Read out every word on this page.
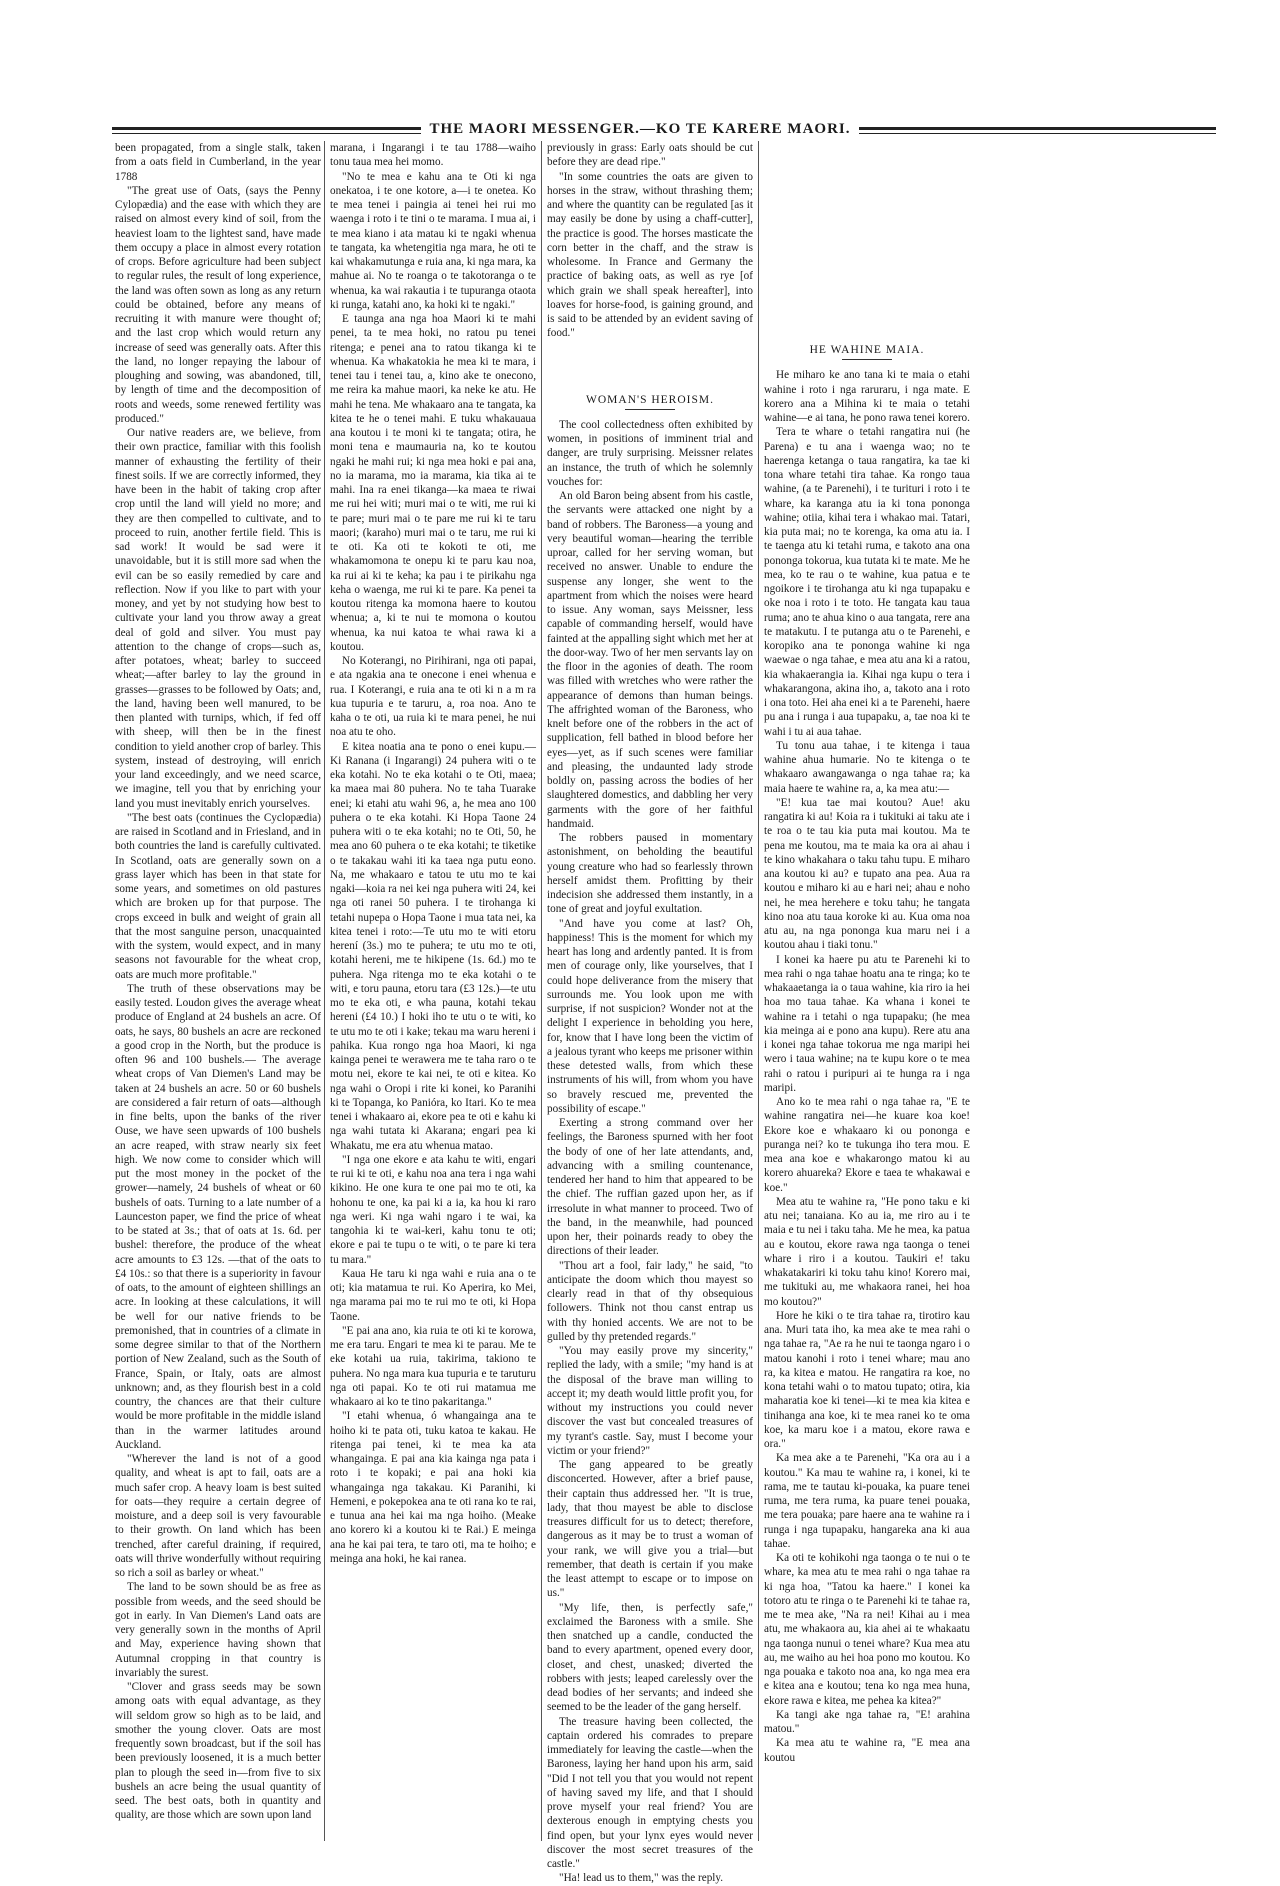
THE MAORI MESSENGER.—KO TE KARERE MAORI.

been propagated, from a single stalk, taken from a oats field in Cumberland, in the year 1788

"The great use of Oats, (says the Penny Cylopædia) and the ease with which they are raised on almost every kind of soil, from the heaviest loam to the lightest sand, have made them occupy a place in almost every rotation of crops. Before agriculture had been subject to regular rules, the result of long experience, the land was often sown as long as any return could be obtained, before any means of recruiting it with manure were thought of; and the last crop which would return any increase of seed was generally oats. After this the land, no longer repaying the labour of ploughing and sowing, was abandoned, till, by length of time and the decomposition of roots and weeds, some renewed fertility was produced."

Our native readers are, we believe, from their own practice, familiar with this foolish manner of exhausting the fertility of their finest soils. If we are correctly informed, they have been in the habit of taking crop after crop until the land will yield no more; and they are then compelled to cultivate, and to proceed to ruin, another fertile field. This is sad work! It would be sad were it unavoidable, but it is still more sad when the evil can be so easily remedied by care and reflection. Now if you like to part with your money, and yet by not studying how best to cultivate your land you throw away a great deal of gold and silver. You must pay attention to the change of crops—such as, after potatoes, wheat; barley to succeed wheat;—after barley to lay the ground in grasses—grasses to be followed by Oats; and, the land, having been well manured, to be then planted with turnips, which, if fed off with sheep, will then be in the finest condition to yield another crop of barley. This system, instead of destroying, will enrich your land exceedingly, and we need scarce, we imagine, tell you that by enriching your land you must inevitably enrich yourselves.

"The best oats (continues the Cyclopædia) are raised in Scotland and in Friesland, and in both countries the land is carefully cultivated. In Scotland, oats are generally sown on a grass layer which has been in that state for some years, and sometimes on old pastures which are broken up for that purpose. The crops exceed in bulk and weight of grain all that the most sanguine person, unacquainted with the system, would expect, and in many seasons not favourable for the wheat crop, oats are much more profitable."

The truth of these observations may be easily tested. Loudon gives the average wheat produce of England at 24 bushels an acre. Of oats, he says, 80 bushels an acre are reckoned a good crop in the North, but the produce is often 96 and 100 bushels.— The average wheat crops of Van Diemen's Land may be taken at 24 bushels an acre. 50 or 60 bushels are considered a fair return of oats—although in fine belts, upon the banks of the river Ouse, we have seen upwards of 100 bushels an acre reaped, with straw nearly six feet high. We now come to consider which will put the most money in the pocket of the grower—namely, 24 bushels of wheat or 60 bushels of oats. Turning to a late number of a Launceston paper, we find the price of wheat to be stated at 3s.; that of oats at 1s. 6d. per bushel: therefore, the produce of the wheat acre amounts to £3 12s. —that of the oats to £4 10s.: so that there is a superiority in favour of oats, to the amount of eighteen shillings an acre. In looking at these calculations, it will be well for our native friends to be premonished, that in countries of a climate in some degree similar to that of the Northern portion of New Zealand, such as the South of France, Spain, or Italy, oats are almost unknown; and, as they flourish best in a cold country, the chances are that their culture would be more profitable in the middle island than in the warmer latitudes around Auckland.

"Wherever the land is not of a good quality, and wheat is apt to fail, oats are a much safer crop. A heavy loam is best suited for oats—they require a certain degree of moisture, and a deep soil is very favourable to their growth. On land which has been trenched, after careful draining, if required, oats will thrive wonderfully without requiring so rich a soil as barley or wheat."

The land to be sown should be as free as possible from weeds, and the seed should be got in early. In Van Diemen's Land oats are very generally sown in the months of April and May, experience having shown that Autumnal cropping in that country is invariably the surest.

"Clover and grass seeds may be sown among oats with equal advantage, as they will seldom grow so high as to be laid, and smother the young clover. Oats are most frequently sown broadcast, but if the soil has been previously loosened, it is a much better plan to plough the seed in—from five to six bushels an acre being the usual quantity of seed. The best oats, both in quantity and quality, are those which are sown upon land

marana, i Ingarangi i te tau 1788—waiho tonu taua mea hei momo.

"No te mea e kahu ana te Oti ki nga onekatoa, i te one kotore, a—i te onetea. Ko te mea tenei i paingia ai tenei hei rui mo waenga i roto i te tini o te marama. I mua ai, i te mea kiano i ata matau ki te ngaki whenua te tangata, ka whetengitia nga mara, he oti te kai whakamutunga e ruia ana, ki nga mara, ka mahue ai. No te roanga o te takotoranga o te whenua, ka wai rakautia i te tupuranga otaota ki runga, katahi ano, ka hoki ki te ngaki."

E taunga ana nga hoa Maori ki te mahi penei, ta te mea hoki, no ratou pu tenei ritenga; e penei ana to ratou tikanga ki te whenua. Ka whakatokia he mea ki te mara, i tenei tau i tenei tau, a, kino ake te onecono, me reira ka mahue maori, ka neke ke atu. He mahi he tena. Me whakaaro ana te tangata, ka kitea te he o tenei mahi. E tuku whakauaua ana koutou i te moni ki te tangata; otira, he moni tena e maumauria na, ko te koutou ngaki he mahi rui; ki nga mea hoki e pai ana, no ia marama, mo ia marama, kia tika ai te mahi. Ina ra enei tikanga—ka maea te riwai me rui hei witi; muri mai o te witi, me rui ki te pare; muri mai o te pare me rui ki te taru maori; (karaho) muri mai o te taru, me rui ki te oti. Ka oti te kokoti te oti, me whakamomona te onepu ki te paru kau noa, ka rui ai ki te keha; ka pau i te pirikahu nga keha o waenga, me rui ki te pare. Ka penei ta koutou ritenga ka momona haere to koutou whenua; a, ki te nui te momona o koutou whenua, ka nui katoa te whai rawa ki a koutou.

No Koterangi, no Pirihirani, nga oti papai, e ata ngakia ana te onecone i enei whenua e rua. I Koterangi, e ruia ana te oti ki n a m ra kua tupuria e te taruru, a, roa noa. Ano te kaha o te oti, ua ruia ki te mara penei, he nui noa atu te oho.

E kitea noatia ana te pono o enei kupu.— Ki Ranana (i Ingarangi) 24 puhera witi o te eka kotahi. No te eka kotahi o te Oti, maea; ka maea mai 80 puhera. No te taha Tuarake enei; ki etahi atu wahi 96, a, he mea ano 100 puhera o te eka kotahi. Ki Hopa Taone 24 puhera witi o te eka kotahi; no te Oti, 50, he mea ano 60 puhera o te eka kotahi; te tiketike o te takakau wahi iti ka taea nga putu eono. Na, me whakaaro e tatou te utu mo te kai ngaki—koia ra nei kei nga puhera witi 24, kei nga oti ranei 50 puhera. I te tirohanga ki tetahi nupepa o Hopa Taone i mua tata nei, ka kitea tenei i roto:—Te utu mo te witi etoru herení (3s.) mo te puhera; te utu mo te oti, kotahi hereni, me te hikipene (1s. 6d.) mo te puhera. Nga ritenga mo te eka kotahi o te witi, e toru pauna, etoru tara (£3 12s.)—te utu mo te eka oti, e wha pauna, kotahi tekau hereni (£4 10.) I hoki iho te utu o te witi, ko te utu mo te oti i kake; tekau ma waru hereni i pahika. Kua rongo nga hoa Maori, ki nga kainga penei te werawera me te taha raro o te motu nei, ekore te kai nei, te oti e kitea. Ko nga wahi o Oropi i rite ki konei, ko Paranihi ki te Topanga, ko Panióra, ko Itari. Ko te mea tenei i whakaaro ai, ekore pea te oti e kahu ki nga wahi tutata ki Akarana; engari pea ki Whakatu, me era atu whenua matao.

"I nga one ekore e ata kahu te witi, engari te rui ki te oti, e kahu noa ana tera i nga wahi kikino. He one kura te one pai mo te oti, ka hohonu te one, ka pai ki a ia, ka hou ki raro nga weri. Ki nga wahi ngaro i te wai, ka tangohia ki te wai-keri, kahu tonu te oti; ekore e pai te tupu o te witi, o te pare ki tera tu mara."

Kaua He taru ki nga wahi e ruia ana o te oti; kia matamua te rui. Ko Aperira, ko Mei, nga marama pai mo te rui mo te oti, ki Hopa Taone.

"E pai ana ano, kia ruia te oti ki te korowa, me era taru. Engari te mea ki te parau. Me te eke kotahi ua ruia, takirima, takiono te puhera. No nga mara kua tupuria e te taruturu nga oti papai. Ko te oti rui matamua me whakaaro ai ko te tino pakaritanga."

"I etahi whenua, ó whangainga ana te hoiho ki te pata oti, tuku katoa te kakau. He ritenga pai tenei, ki te mea ka ata whangainga. E pai ana kia kainga nga pata i roto i te kopaki; e pai ana hoki kia whangainga nga takakau. Ki Paranihi, ki Hemeni, e pokepokea ana te oti rana ko te rai, e tunua ana hei kai ma nga hoiho. (Meake ano korero ki a koutou ki te Rai.) E meinga ana he kai pai tera, te taro oti, ma te hoiho; e meinga ana hoki, he kai ranea.

previously in grass: Early oats should be cut before they are dead ripe."

"In some countries the oats are given to horses in the straw, without thrashing them; and where the quantity can be regulated [as it may easily be done by using a chaff-cutter], the practice is good. The horses masticate the corn better in the chaff, and the straw is wholesome. In France and Germany the practice of baking oats, as well as rye [of which grain we shall speak hereafter], into loaves for horse-food, is gaining ground, and is said to be attended by an evident saving of food."

WOMAN'S HEROISM.

The cool collectedness often exhibited by women, in positions of imminent trial and danger, are truly surprising. Meissner relates an instance, the truth of which he solemnly vouches for:

An old Baron being absent from his castle, the servants were attacked one night by a band of robbers. The Baroness—a young and very beautiful woman—hearing the terrible uproar, called for her serving woman, but received no answer. Unable to endure the suspense any longer, she went to the apartment from which the noises were heard to issue. Any woman, says Meissner, less capable of commanding herself, would have fainted at the appalling sight which met her at the door-way. Two of her men servants lay on the floor in the agonies of death. The room was filled with wretches who were rather the appearance of demons than human beings. The affrighted woman of the Baroness, who knelt before one of the robbers in the act of supplication, fell bathed in blood before her eyes—yet, as if such scenes were familiar and pleasing, the undaunted lady strode boldly on, passing across the bodies of her slaughtered domestics, and dabbling her very garments with the gore of her faithful handmaid.

The robbers paused in momentary astonishment, on beholding the beautiful young creature who had so fearlessly thrown herself amidst them. Profitting by their indecision she addressed them instantly, in a tone of great and joyful exultation.

"And have you come at last? Oh, happiness! This is the moment for which my heart has long and ardently panted. It is from men of courage only, like yourselves, that I could hope deliverance from the misery that surrounds me. You look upon me with surprise, if not suspicion? Wonder not at the delight I experience in beholding you here, for, know that I have long been the victim of a jealous tyrant who keeps me prisoner within these detested walls, from which these instruments of his will, from whom you have so bravely rescued me, prevented the possibility of escape."

Exerting a strong command over her feelings, the Baroness spurned with her foot the body of one of her late attendants, and, advancing with a smiling countenance, tendered her hand to him that appeared to be the chief. The ruffian gazed upon her, as if irresolute in what manner to proceed. Two of the band, in the meanwhile, had pounced upon her, their poinards ready to obey the directions of their leader.

"Thou art a fool, fair lady," he said, "to anticipate the doom which thou mayest so clearly read in that of thy obsequious followers. Think not thou canst entrap us with thy honied accents. We are not to be gulled by thy pretended regards."

"You may easily prove my sincerity," replied the lady, with a smile; "my hand is at the disposal of the brave man willing to accept it; my death would little profit you, for without my instructions you could never discover the vast but concealed treasures of my tyrant's castle. Say, must I become your victim or your friend?"

The gang appeared to be greatly disconcerted. However, after a brief pause, their captain thus addressed her. "It is true, lady, that thou mayest be able to disclose treasures difficult for us to detect; therefore, dangerous as it may be to trust a woman of your rank, we will give you a trial—but remember, that death is certain if you make the least attempt to escape or to impose on us."

"My life, then, is perfectly safe," exclaimed the Baroness with a smile. She then snatched up a candle, conducted the band to every apartment, opened every door, closet, and chest, unasked; diverted the robbers with jests; leaped carelessly over the dead bodies of her servants; and indeed she seemed to be the leader of the gang herself.

The treasure having been collected, the captain ordered his comrades to prepare immediately for leaving the castle—when the Baroness, laying her hand upon his arm, said "Did I not tell you that you would not repent of having saved my life, and that I should prove myself your real friend? You are dexterous enough in emptying chests you find open, but your lynx eyes would never discover the most secret treasures of the castle."

"Ha! lead us to them," was the reply.

HE WAHINE MAIA.

He miharo ke ano tana ki te maia o etahi wahine i roto i nga raruraru, i nga mate. E korero ana a Mihina ki te maia o tetahi wahine—e ai tana, he pono rawa tenei korero.

Tera te whare o tetahi rangatira nui (he Parena) e tu ana i waenga wao; no te haerenga ketanga o taua rangatira, ka tae ki tona whare tetahi tira tahae. Ka rongo taua wahine, (a te Parenehi), i te turituri i roto i te whare, ka karanga atu ia ki tona pononga wahine; otiia, kihai tera i whakao mai. Tatari, kia puta mai; no te korenga, ka oma atu ia. I te taenga atu ki tetahi ruma, e takoto ana ona pononga tokorua, kua tutata ki te mate. Me he mea, ko te rau o te wahine, kua patua e te ngoikore i te tirohanga atu ki nga tupapaku e oke noa i roto i te toto. He tangata kau taua ruma; ano te ahua kino o aua tangata, rere ana te matakutu. I te putanga atu o te Parenehi, e koropiko ana te pononga wahine ki nga waewae o nga tahae, e mea atu ana ki a ratou, kia whakaerangia ia. Kihai nga kupu o tera i whakarangona, akina iho, a, takoto ana i roto i ona toto. Hei aha enei ki a te Parenehi, haere pu ana i runga i aua tupapaku, a, tae noa ki te wahi i tu ai aua tahae.

Tu tonu aua tahae, i te kitenga i taua wahine ahua humarie. No te kitenga o te whakaaro awangawanga o nga tahae ra; ka maia haere te wahine ra, a, ka mea atu:—

"E! kua tae mai koutou? Aue! aku rangatira ki au! Koia ra i tukituki ai taku ate i te roa o te tau kia puta mai koutou. Ma te pena me koutou, ma te maia ka ora ai ahau i te kino whakahara o taku tahu tupu. E miharo ana koutou ki au? e tupato ana pea. Aua ra koutou e miharo ki au e hari nei; ahau e noho nei, he mea herehere e toku tahu; he tangata kino noa atu taua koroke ki au. Kua oma noa atu au, na nga pononga kua maru nei i a koutou ahau i tiaki tonu."

I konei ka haere pu atu te Parenehi ki to mea rahi o nga tahae hoatu ana te ringa; ko te whakaaetanga ia o taua wahine, kia riro ia hei hoa mo taua tahae. Ka whana i konei te wahine ra i tetahi o nga tupapaku; (he mea kia meinga ai e pono ana kupu). Rere atu ana i konei nga tahae tokorua me nga maripi hei wero i taua wahine; na te kupu kore o te mea rahi o ratou i puripuri ai te hunga ra i nga maripi.

Ano ko te mea rahi o nga tahae ra, "E te wahine rangatira nei—he kuare koa koe! Ekore koe e whakaaro ki ou pononga e puranga nei? ko te tukunga iho tera mou. E mea ana koe e whakarongo matou ki au korero ahuareka? Ekore e taea te whakawai e koe."

Mea atu te wahine ra, "He pono taku e ki atu nei; tanaiana. Ko au ia, me riro au i te maia e tu nei i taku taha. Me he mea, ka patua au e koutou, ekore rawa nga taonga o tenei whare i riro i a koutou. Taukiri e! taku whakatakariri ki toku tahu kino! Korero mai, me tukituki au, me whakaora ranei, hei hoa mo koutou?"

Hore he kiki o te tira tahae ra, tirotiro kau ana. Muri tata iho, ka mea ake te mea rahi o nga tahae ra, "Ae ra he nui te taonga ngaro i o matou kanohi i roto i tenei whare; mau ano ra, ka kitea e matou. He rangatira ra koe, no kona tetahi wahi o to matou tupato; otira, kia maharatia koe ki tenei—ki te mea kia kitea e tinihanga ana koe, ki te mea ranei ko te oma koe, ka maru koe i a matou, ekore rawa e ora."

Ka mea ake a te Parenehi, "Ka ora au i a koutou." Ka mau te wahine ra, i konei, ki te rama, me te tautau ki-pouaka, ka puare tenei ruma, me tera ruma, ka puare tenei pouaka, me tera pouaka; pare haere ana te wahine ra i runga i nga tupapaku, hangareka ana ki aua tahae.

Ka oti te kohikohi nga taonga o te nui o te whare, ka mea atu te mea rahi o nga tahae ra ki nga hoa, "Tatou ka haere." I konei ka totoro atu te ringa o te Parenehi ki te tahae ra, me te mea ake, "Na ra nei! Kihai au i mea atu, me whakaora au, kia ahei ai te whakaatu nga taonga nunui o tenei whare? Kua mea atu au, me waiho au hei hoa pono mo koutou. Ko nga pouaka e takoto noa ana, ko nga mea era e kitea ana e koutou; tena ko nga mea huna, ekore rawa e kitea, me pehea ka kitea?"

Ka tangi ake nga tahae ra, "E! arahina matou."

Ka mea atu te wahine ra, "E mea ana koutou
